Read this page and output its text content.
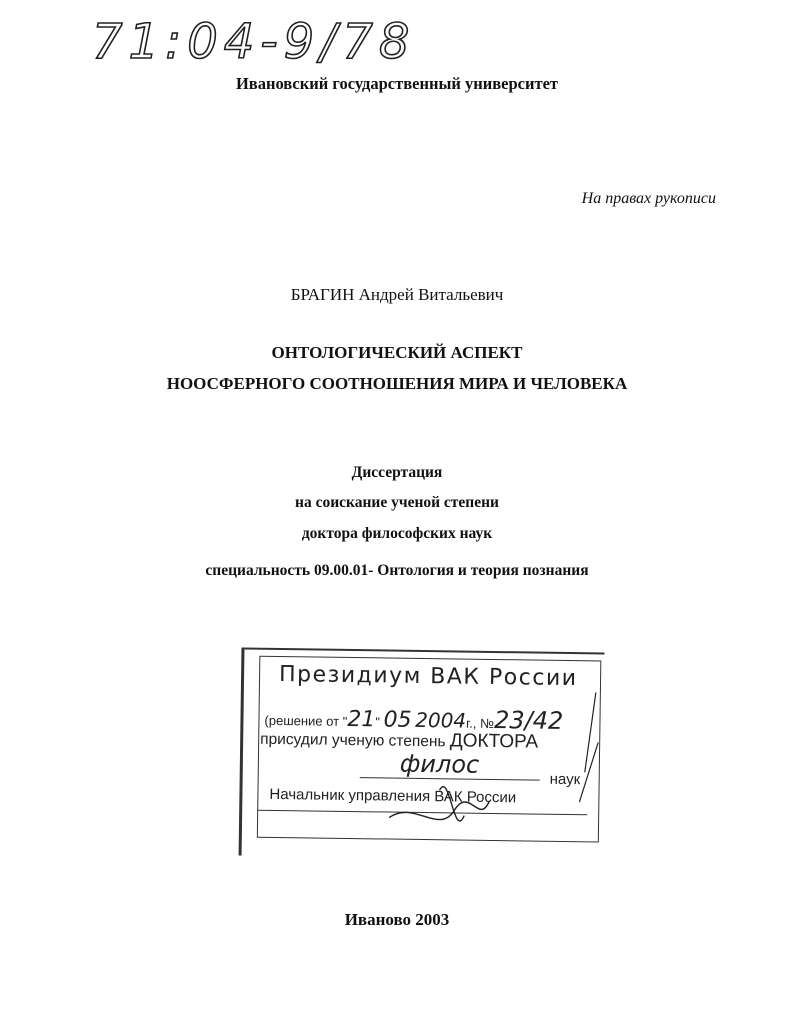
71:04-9/78
Ивановский государственный университет
На правах рукописи
БРАГИН Андрей Витальевич
ОНТОЛОГИЧЕСКИЙ АСПЕКТ
НООСФЕРНОГО СООТНОШЕНИЯ МИРА И ЧЕЛОВЕКА
Диссертация
на соискание ученой степени
доктора философских наук
специальность 09.00.01- Онтология и теория познания
Президиум ВАК России
(решение от "21" 05 2004г., №23/42
присудил ученую степень ДОКТОРА
филос
наук
Начальник управления ВАК России
Иваново 2003
